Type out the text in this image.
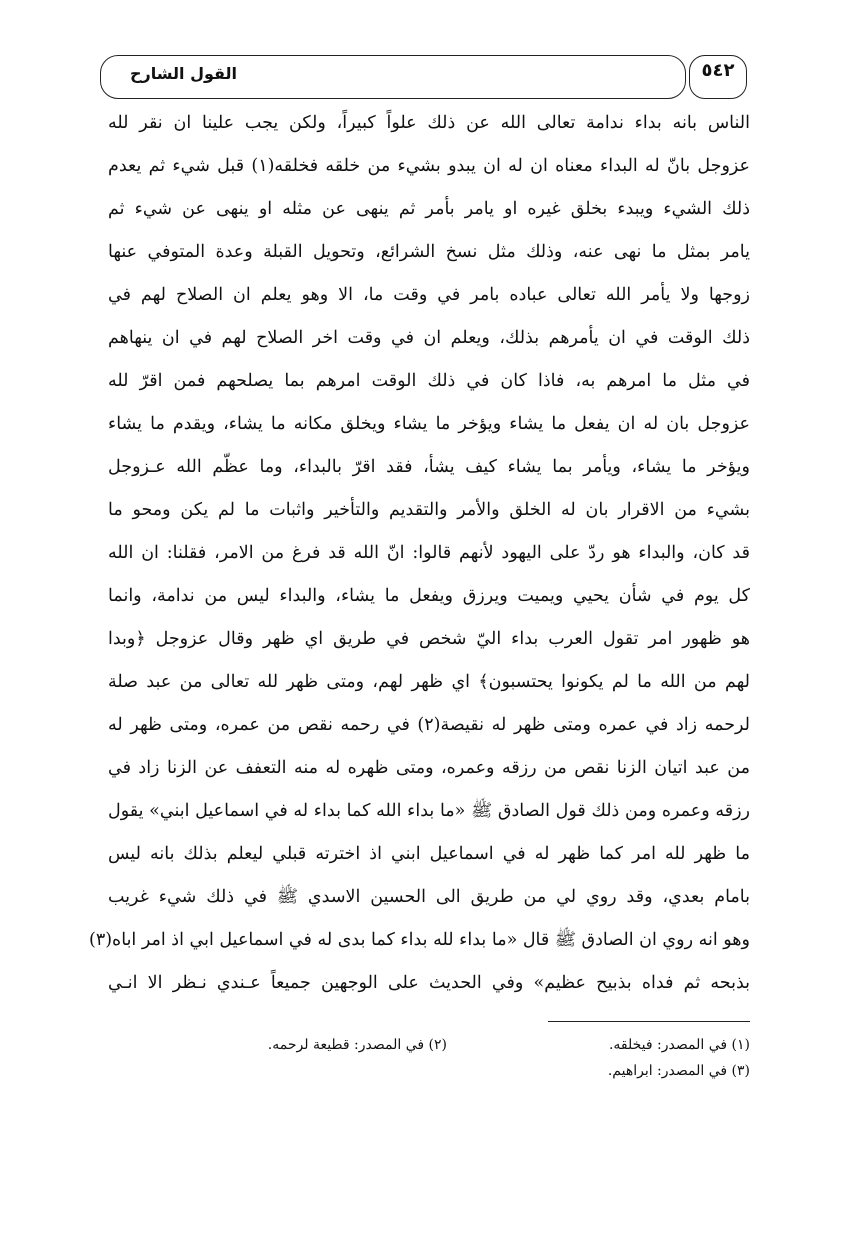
القول الشارح	٥٤٢
الناس بانه بداء ندامة تعالى الله عن ذلك علواً كبيراً، ولكن يجب علينا ان نقر لله
عزوجل بانّ له البداء معناه ان له ان يبدو بشيء من خلقه فخلقه(١) قبل شيء ثم يعدم
ذلك الشيء ويبدء بخلق غيره او يامر بأمر ثم ينهى عن مثله او ينهى عن شيء ثم
يامر بمثل ما نهى عنه، وذلك مثل نسخ الشرائع، وتحويل القبلة وعدة المتوفي عنها
زوجها ولا يأمر الله تعالى عباده بامر في وقت ما، الا وهو يعلم ان الصلاح لهم في
ذلك الوقت في ان يأمرهم بذلك، ويعلم ان في وقت اخر الصلاح لهم في ان ينهاهم
في مثل ما امرهم به، فاذا كان في ذلك الوقت امرهم بما يصلحهم فمن اقرّ لله
عزوجل بان له ان يفعل ما يشاء ويؤخر ما يشاء ويخلق مكانه ما يشاء، ويقدم ما يشاء
ويؤخر ما يشاء، ويأمر بما يشاء كيف يشأ، فقد اقرّ بالبداء، وما عظّم الله عـزوجل
بشيء من الاقرار بان له الخلق والأمر والتقديم والتأخير واثبات ما لم يكن ومحو ما
قد كان، والبداء هو ردّ على اليهود لأنهم قالوا: انّ الله قد فرغ من الامر، فقلنا: ان الله
كل يوم في شأن يحيي ويميت ويرزق ويفعل ما يشاء، والبداء ليس من ندامة، وانما
هو ظهور امر تقول العرب بداء اليّ شخص في طريق اي ظهر وقال عزوجل ﴿وبدا
لهم من الله ما لم يكونوا يحتسبون﴾ اي ظهر لهم، ومتى ظهر لله تعالى من عبد صلة
لرحمه زاد في عمره ومتى ظهر له نقيصة(٢) في رحمه نقص من عمره، ومتى ظهر له
من عبد اتيان الزنا نقص من رزقه وعمره، ومتى ظهره له منه التعفف عن الزنا زاد في
رزقه وعمره ومن ذلك قول الصادق ﷺ «ما بداء الله كما بداء له في اسماعيل ابني» يقول
ما ظهر لله امر كما ظهر له في اسماعيل ابني اذ اخترته قبلي ليعلم بذلك بانه ليس
بامام بعدي، وقد روي لي من طريق الى الحسين الاسدي ﷺ في ذلك شيء غريب
وهو انه روي ان الصادق ﷺ قال «ما بداء لله بداء كما بدى له في اسماعيل ابي اذ امر اباه(٣)
بذبحه ثم فداه بذبيح عظيم» وفي الحديث على الوجهين جميعاً عـندي نـظر الا انـي
(١) في المصدر: فيخلقه.
(٢) في المصدر: قطيعة لرحمه.
(٣) في المصدر: ابراهيم.
